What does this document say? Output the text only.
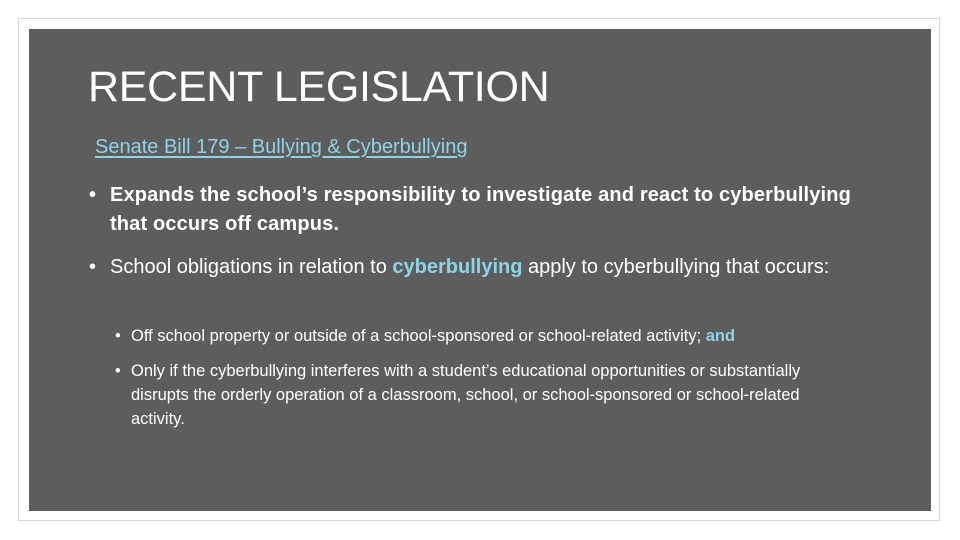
RECENT LEGISLATION
Senate Bill 179 – Bullying & Cyberbullying
• Expands the school’s responsibility to investigate and react to cyberbullying that occurs off campus.
• School obligations in relation to cyberbullying apply to cyberbullying that occurs:
• Off school property or outside of a school-sponsored or school-related activity; and
• Only if the cyberbullying interferes with a student’s educational opportunities or substantially disrupts the orderly operation of a classroom, school, or school-sponsored or school-related activity.
